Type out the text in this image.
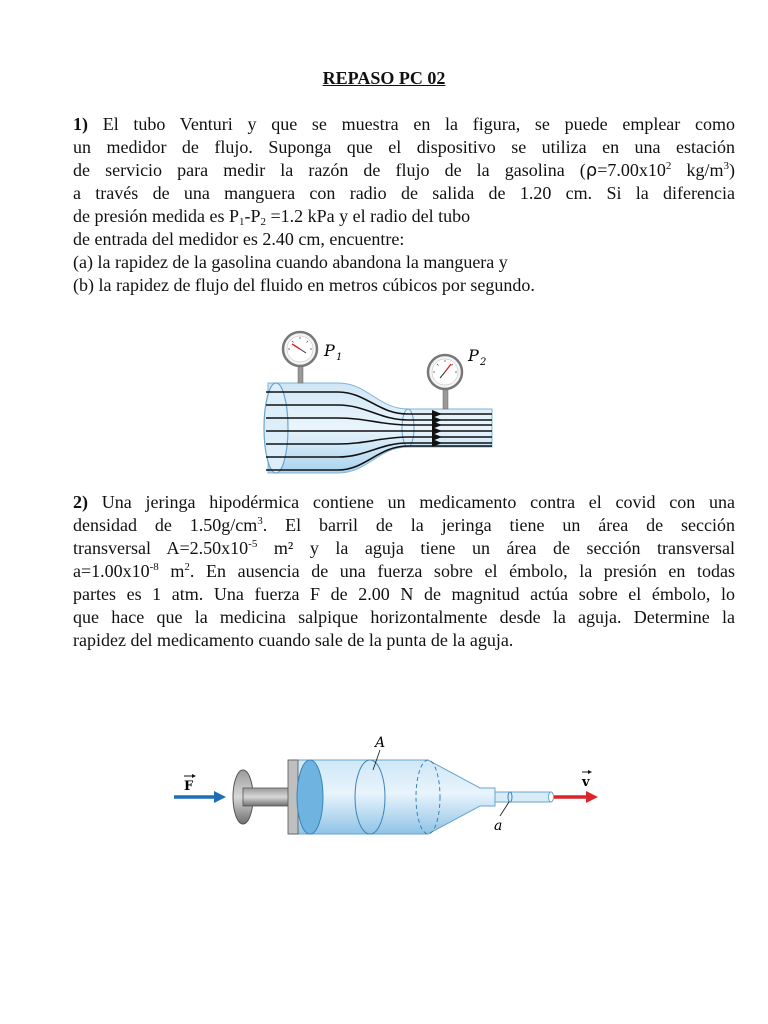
REPASO PC 02
1) El tubo Venturi y que se muestra en la figura, se puede emplear como
un medidor de flujo. Suponga que el dispositivo se utiliza en una estación
de servicio para medir la razón de flujo de la gasolina ($\rho=7.00x10^2$ $kg/m^3$)
a través de una manguera con radio de salida de 1.20 cm. Si la diferencia
de presión medida es $P_1-P_2 =1.2$ kPa y el radio del tubo
de entrada del medidor es 2.40 cm, encuentre:
(a) la rapidez de la gasolina cuando abandona la manguera y
(b) la rapidez de flujo del fluido en metros cúbicos por segundo.
P 1	P 2
2) Una jeringa hipodérmica contiene un medicamento contra el covid con una
densidad de $1.50g/cm^3$. El barril de la jeringa tiene un área de sección
transversal $A=2.50x10^{-5}$ m² y la aguja tiene un área de sección transversal
$a=1.00x10^{-8}$ $m^2$. En ausencia de una fuerza sobre el émbolo, la presión en todas
partes es 1 atm. Una fuerza F de 2.00 N de magnitud actúa sobre el émbolo, lo
que hace que la medicina salpique horizontalmente desde la aguja. Determine la
rapidez del medicamento cuando sale de la punta de la aguja.
F	v
A
a
